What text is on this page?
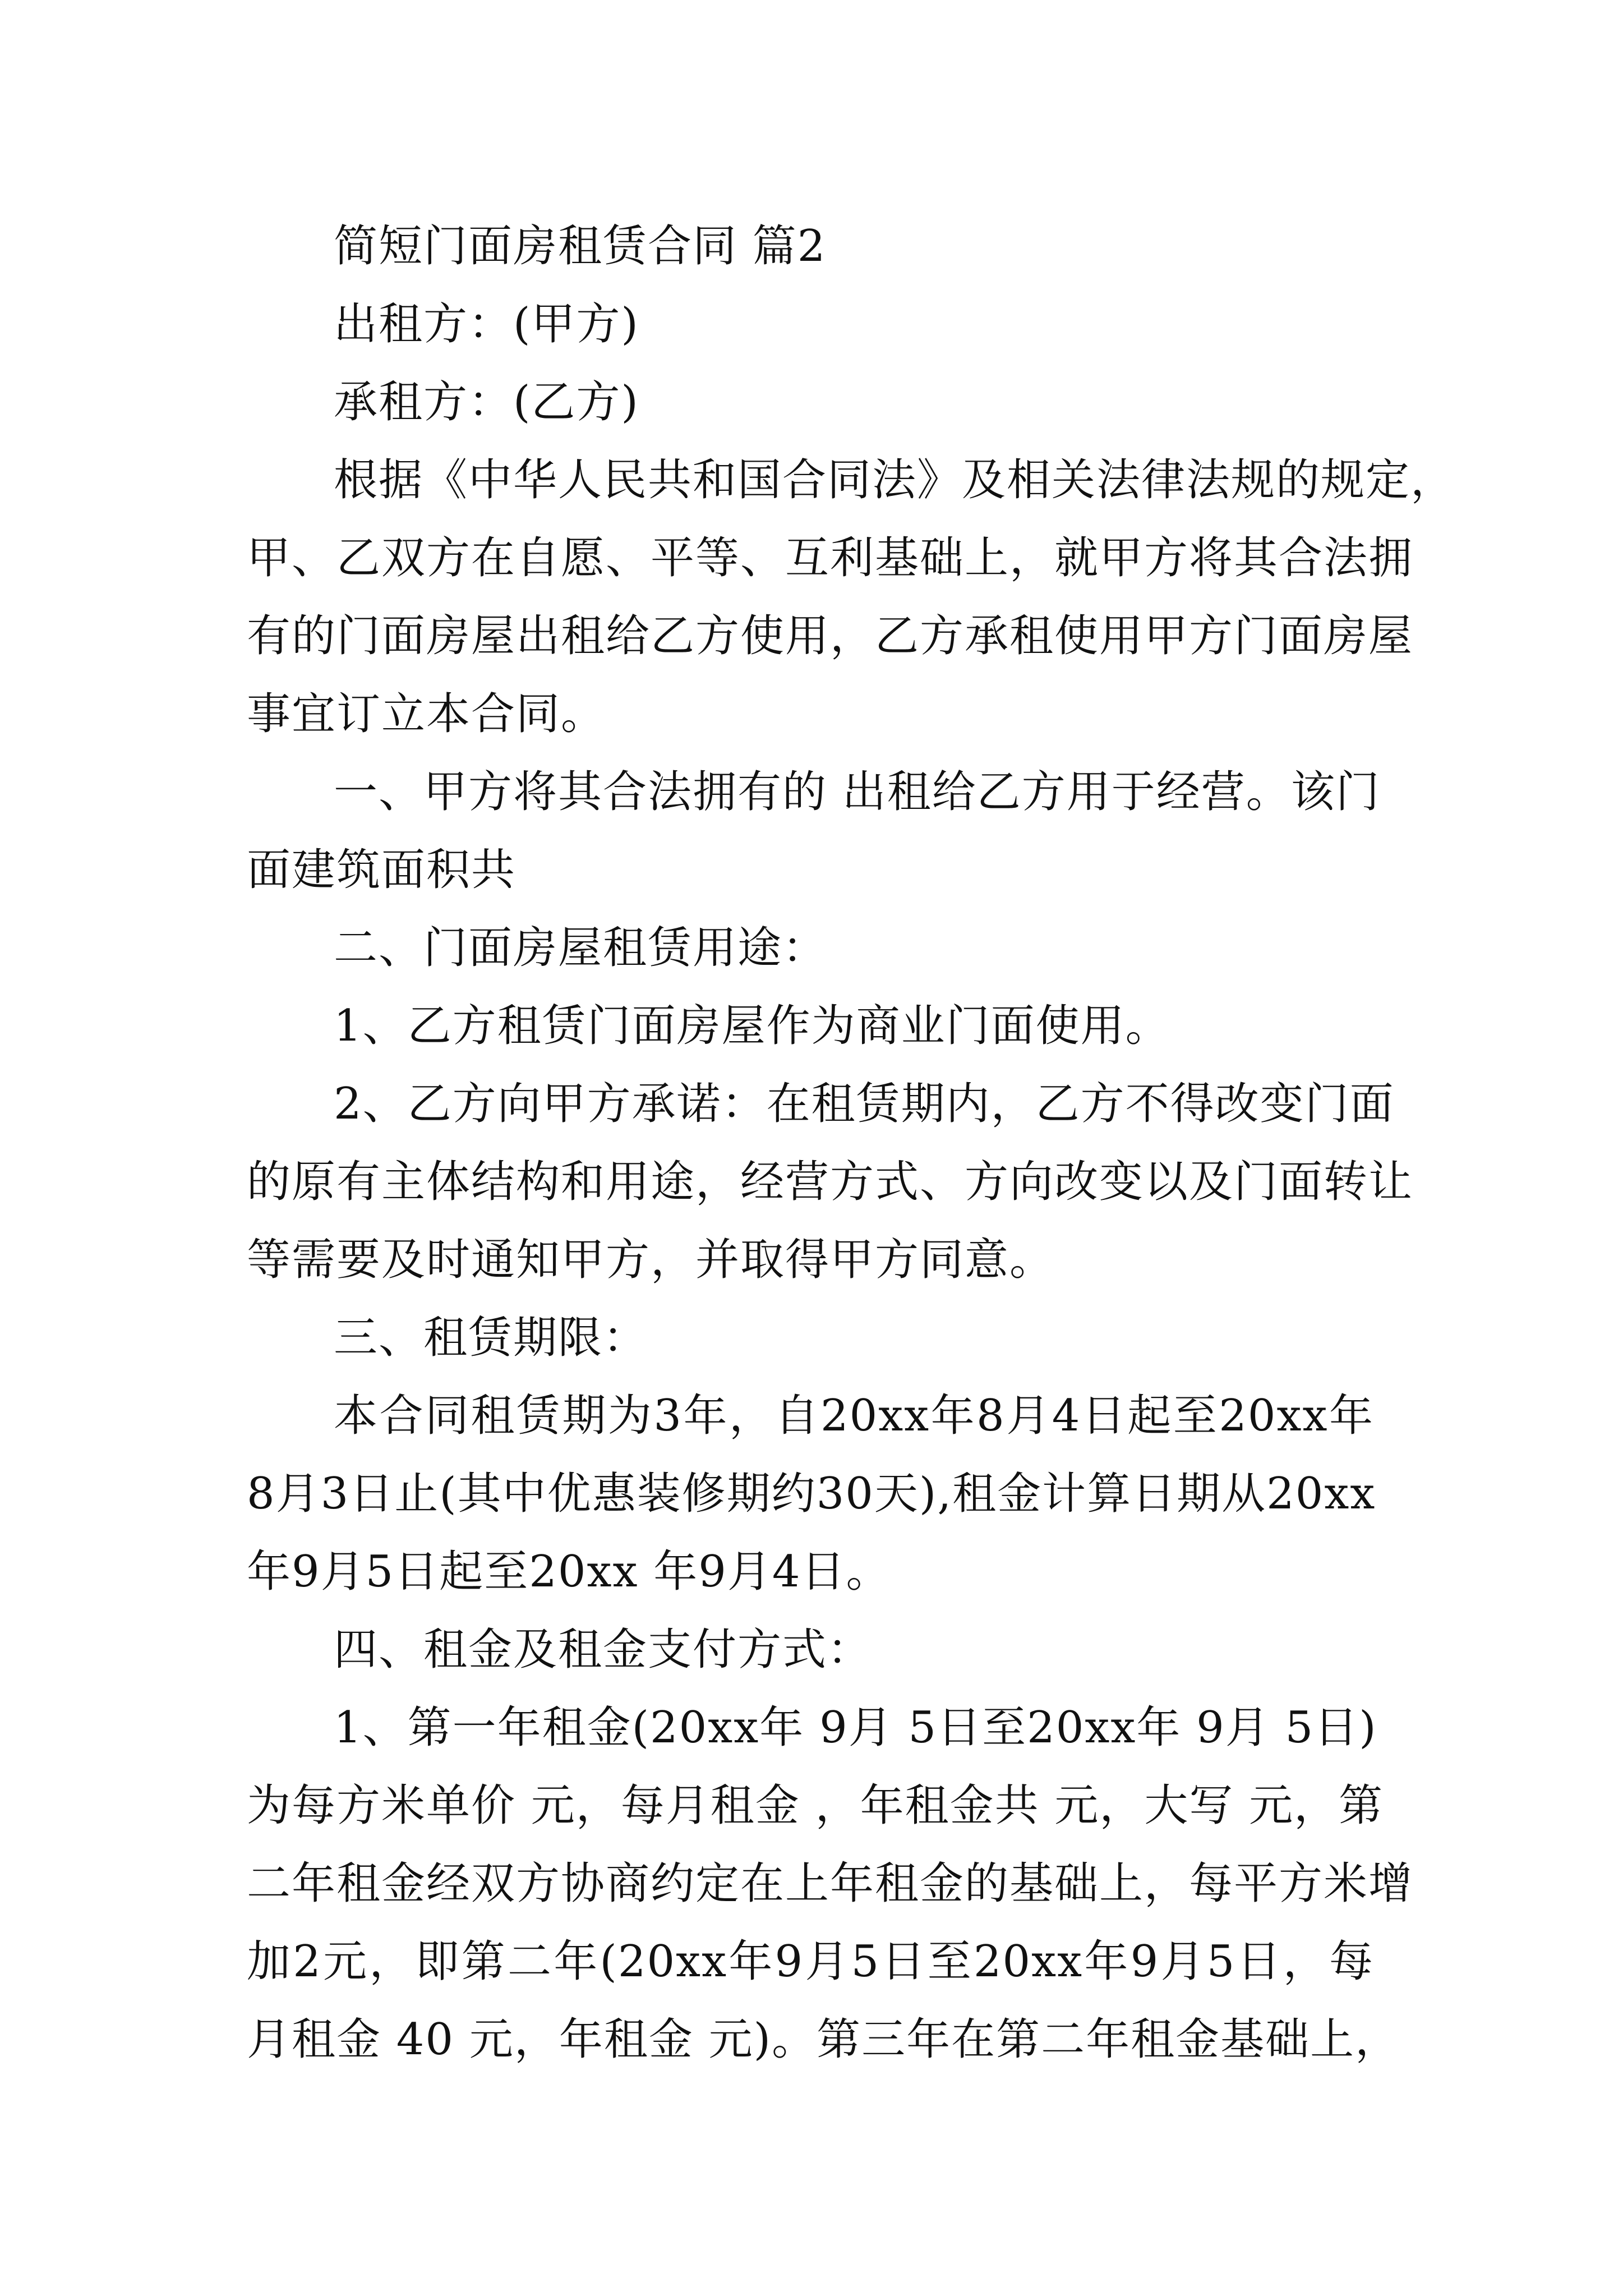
简短门面房租赁合同 篇2
出租方：(甲方)
承租方：(乙方)
根据《中华人民共和国合同法》及相关法律法规的规定，
甲、乙双方在自愿、平等、互利基础上，就甲方将其合法拥
有的门面房屋出租给乙方使用，乙方承租使用甲方门面房屋
事宜订立本合同。
一、甲方将其合法拥有的 出租给乙方用于经营。该门
面建筑面积共
二、门面房屋租赁用途：
1、乙方租赁门面房屋作为商业门面使用。
2、乙方向甲方承诺：在租赁期内，乙方不得改变门面
的原有主体结构和用途，经营方式、方向改变以及门面转让
等需要及时通知甲方，并取得甲方同意。
三、租赁期限：
本合同租赁期为3年，自20xx年8月4日起至20xx年
8月3日止(其中优惠装修期约30天),租金计算日期从20xx
年9月5日起至20xx 年9月4日。
四、租金及租金支付方式：
1、第一年租金(20xx年 9月 5日至20xx年 9月 5日)
为每方米单价 元，每月租金 ，年租金共 元，大写 元，第
二年租金经双方协商约定在上年租金的基础上，每平方米增
加2元，即第二年(20xx年9月5日至20xx年9月5日，每
月租金 40 元，年租金 元)。第三年在第二年租金基础上，
